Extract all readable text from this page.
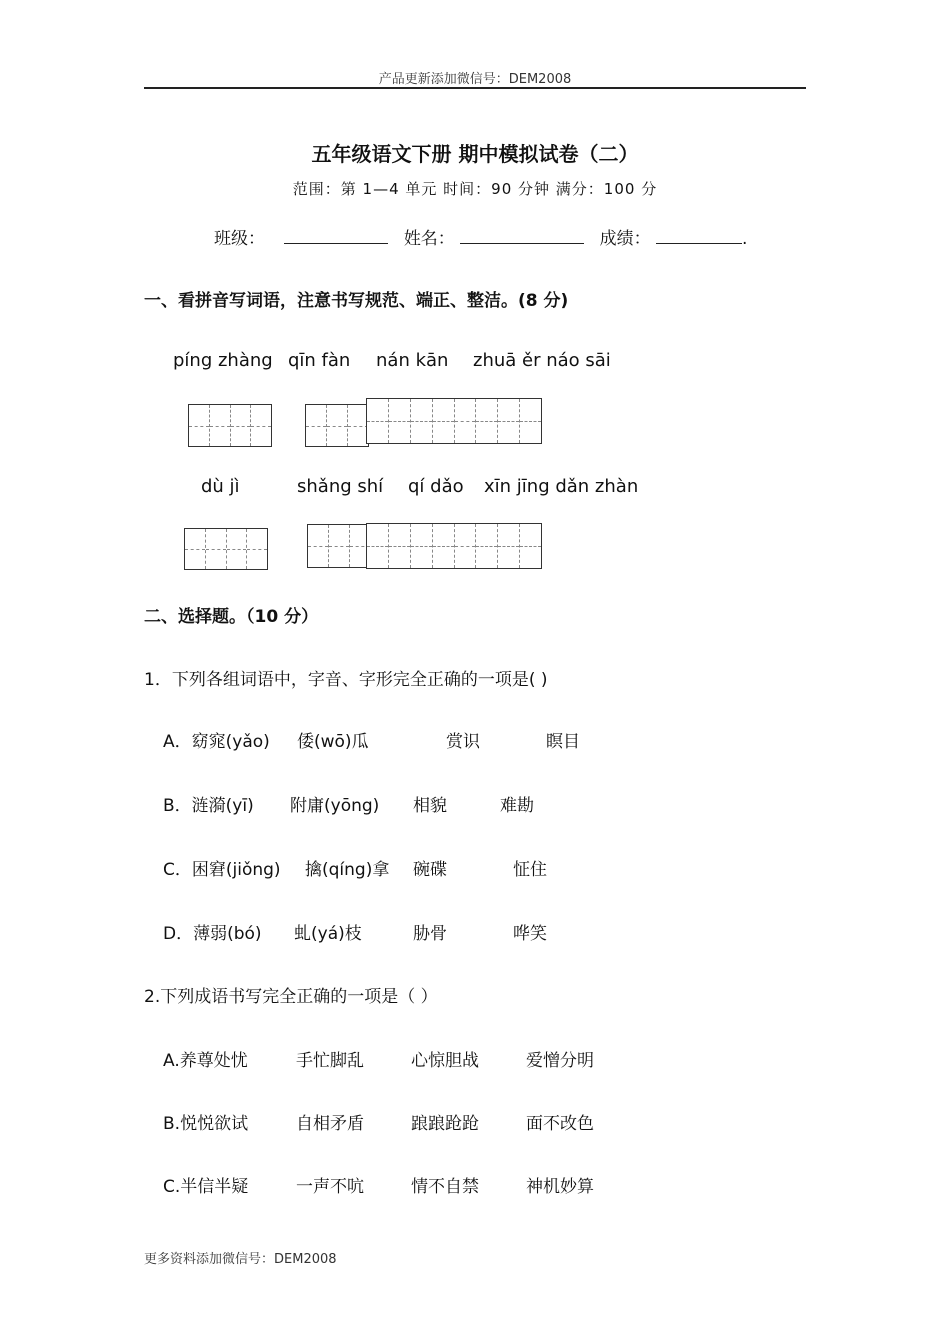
产品更新添加微信号：DEM2008
五年级语文下册 期中模拟试卷（二）
范围：第 1—4 单元 时间：90 分钟 满分：100 分
班级：	姓名：	成绩：	.
一、看拼音写词语，注意书写规范、端正、整洁。(8 分)
píng zhàng qīn fàn nán kān zhuā ěr náo sāi
dù jì	shǎng shí qí dǎo xīn jīng dǎn zhàn
二、选择题。（10 分）
1．下列各组词语中，字音、字形完全正确的一项是( )
A．窈窕(yǎo) 倭(wō)瓜	赏识	瞑目
B．涟漪(yī) 附庸(yōng) 相貌	难勘
C．困窘(jiǒng) 擒(qíng)拿 碗碟	怔住
D．薄弱(bó) 虬(yá)枝	胁骨	哗笑
2.下列成语书写完全正确的一项是（ ）
A.养尊处忧	手忙脚乱	心惊胆战	爱憎分明
B.悦悦欲试	自相矛盾	踉踉跄跄	面不改色
C.半信半疑	一声不吭	情不自禁	神机妙算
更多资料添加微信号：DEM2008
